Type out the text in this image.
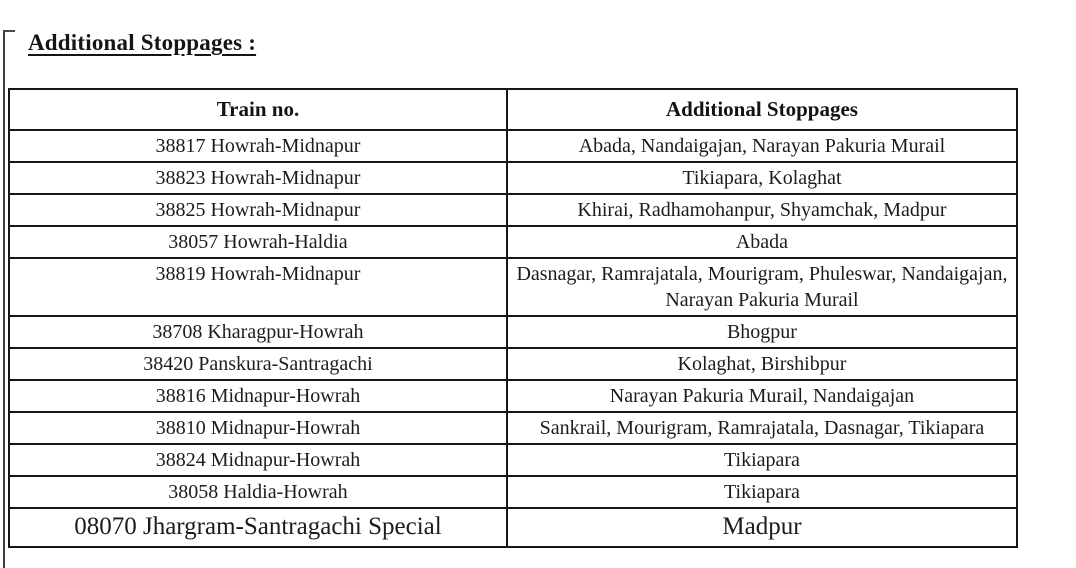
Additional Stoppages :
Train no.	Additional Stoppages
38817 Howrah-Midnapur	Abada, Nandaigajan, Narayan Pakuria Murail
38823 Howrah-Midnapur	Tikiapara, Kolaghat
38825 Howrah-Midnapur	Khirai, Radhamohanpur, Shyamchak, Madpur
38057 Howrah-Haldia	Abada
38819 Howrah-Midnapur	Dasnagar, Ramrajatala, Mourigram, Phuleswar, Nandaigajan, Narayan Pakuria Murail
38708 Kharagpur-Howrah	Bhogpur
38420 Panskura-Santragachi	Kolaghat, Birshibpur
38816 Midnapur-Howrah	Narayan Pakuria Murail, Nandaigajan
38810 Midnapur-Howrah	Sankrail, Mourigram, Ramrajatala, Dasnagar, Tikiapara
38824 Midnapur-Howrah	Tikiapara
38058 Haldia-Howrah	Tikiapara
08070 Jhargram-Santragachi Special	Madpur
